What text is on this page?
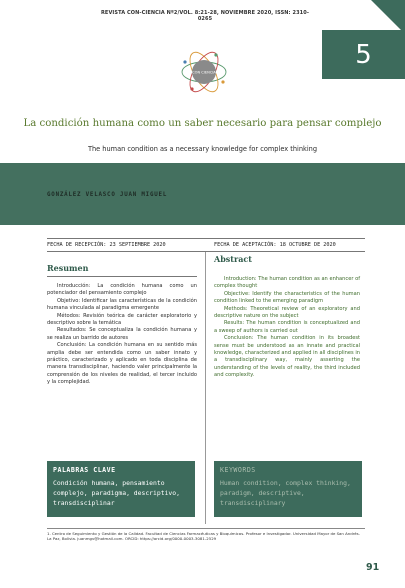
REVISTA CON-CIENCIA Nº2/VOL. 8:21-28, NOVIEMBRE 2020, ISSN: 2310-0265
5
CON CIENCIA
La condición humana como un saber necesario para pensar complejo
The human condition as a necessary knowledge for complex thinking
GONZÁLEZ VELASCO JUAN MIGUEL
FECHA DE RECEPCIÓN: 23 SEPTIEMBRE 2020	FECHA DE ACEPTACIÓN: 18 OCTUBRE DE 2020
Resumen

Introducción: La condición humana como un potenciador del pensamiento complejo

Objetivo: Identificar las características de la condición humana vinculada al paradigma emergente

Métodos: Revisión teórica de carácter exploratorio y descriptivo sobre la temática

Resultados: Se conceptualiza la condición humana y se realiza un barrido de autores

Conclusión: La condición humana en su sentido más amplia debe ser entendida como un saber innato y práctico, caracterizado y aplicado en toda disciplina de manera transdisciplinar, haciendo valer principalmente la comprensión de los niveles de realidad, el tercer incluido y la complejidad.

Abstract

Introduction: The human condition as an enhancer of complex thought

Objective: Identify the characteristics of the human condition linked to the emerging paradigm

Methods: Theoretical review of an exploratory and descriptive nature on the subject

Results: The human condition is conceptualized and a sweep of authors is carried out

Conclusion: The human condition in its broadest sense must be understood as an innate and practical knowledge, characterized and applied in all disciplines in a transdisciplinary way, mainly asserting the understanding of the levels of reality, the third included and complexity.

PALABRAS CLAVE
Condición humana, pensamiento complejo, paradigma, descriptivo, transdisciplinar
KEYWORDS
Human condition, complex thinking, paradigm, descriptive, transdisciplinary
1. Centro de Seguimiento y Gestión de la Calidad. Facultad de Ciencias Farmacéuticas y Bioquímicas. Profesor e Investigador. Universidad Mayor de San Andrés. La Paz, Bolivia. juanmgv@hotmail.com. ORCID: https://orcid.org/0000-0003-3081-2529
91
